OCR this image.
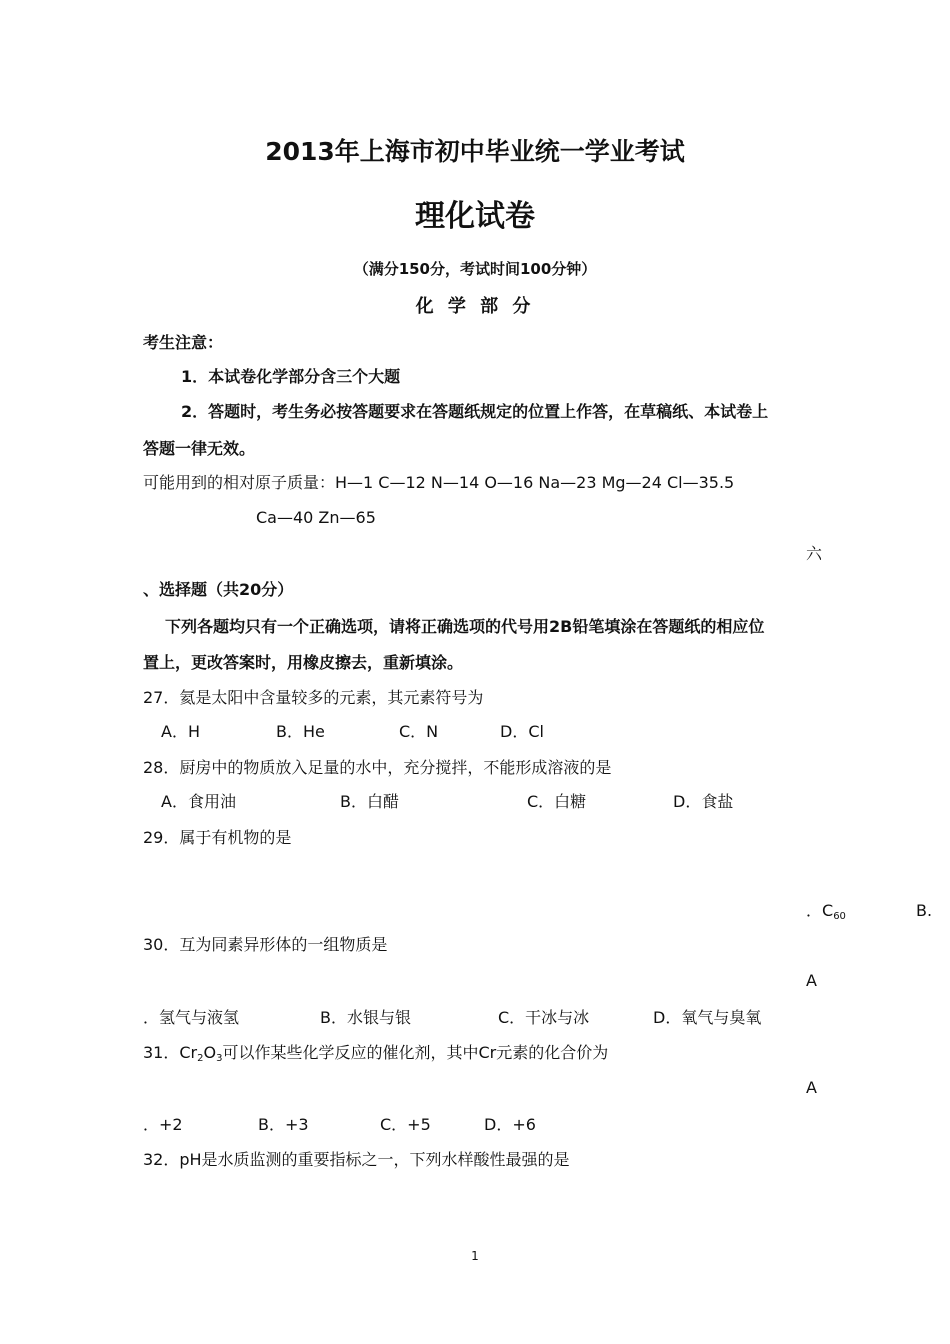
2013年上海市初中毕业统一学业考试
理化试卷
（满分150分，考试时间100分钟）
化 学 部 分
考生注意：
1．本试卷化学部分含三个大题
2．答题时，考生务必按答题要求在答题纸规定的位置上作答，在草稿纸、本试卷上
答题一律无效。
可能用到的相对原子质量：H—1 C—12 N—14 O—16 Na—23 Mg—24 Cl—35.5
Ca—40 Zn—65
六
、选择题（共20分）
下列各题均只有一个正确选项，请将正确选项的代号用2B铅笔填涂在答题纸的相应位
置上，更改答案时，用橡皮擦去，重新填涂。
27．氦是太阳中含量较多的元素，其元素符号为
A．H	B．He	C．N	D．Cl
28．厨房中的物质放入足量的水中，充分搅拌，不能形成溶液的是
A．食用油	B．白醋	C．白糖	D．食盐
29．属于有机物的是
．$C_{60}$	B.
30．互为同素异形体的一组物质是
A
．氢气与液氢	B．水银与银	C．干冰与冰	D．氧气与臭氧
31．$Cr_2O_3$可以作某些化学反应的催化剂，其中Cr元素的化合价为
A
．+2	B．+3	C．+5	D．+6
32．pH是水质监测的重要指标之一，下列水样酸性最强的是
1
